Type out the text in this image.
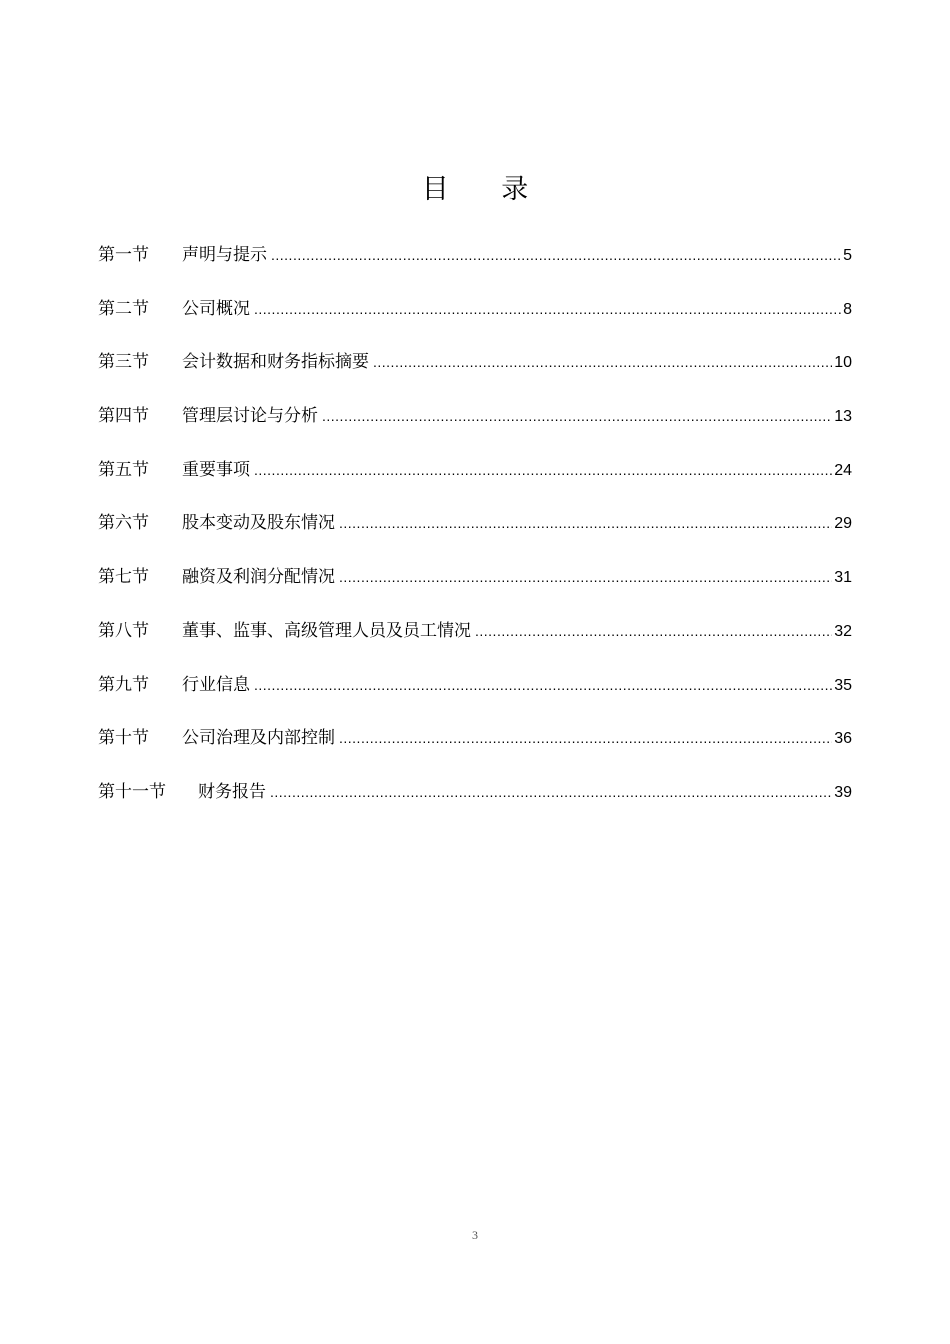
目 录
第一节	声明与提示 .....	5
第二节	公司概况 .....	8
第三节	会计数据和财务指标摘要 .....	10
第四节	管理层讨论与分析 .....	13
第五节	重要事项 .....	24
第六节	股本变动及股东情况 .....	29
第七节	融资及利润分配情况 .....	31
第八节	董事、监事、高级管理人员及员工情况 .....	32
第九节	行业信息 .....	35
第十节	公司治理及内部控制 .....	36
第十一节	财务报告 .....	39
3
